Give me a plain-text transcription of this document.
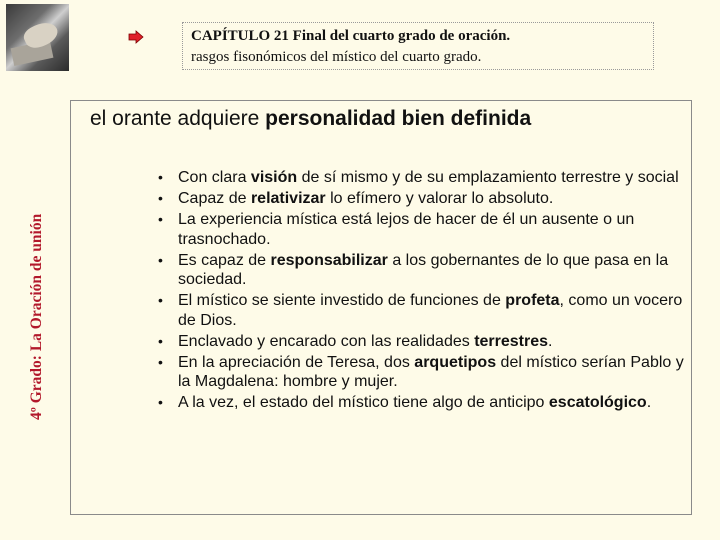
CAPÍTULO 21 Final del cuarto grado de oración.
rasgos fisonómicos del místico del cuarto grado.
4º Grado: La Oración de unión
el orante adquiere personalidad bien definida
• Con clara visión de sí mismo y de su emplazamiento terrestre y social
• Capaz de relativizar lo efímero y valorar lo absoluto.
• La experiencia mística está lejos de hacer de él un ausente o un trasnochado.
• Es capaz de responsabilizar a los gobernantes de lo que pasa en la sociedad.
• El místico se siente investido de funciones de profeta, como un vocero de Dios.
• Enclavado y encarado con las realidades terrestres.
• En la apreciación de Teresa, dos arquetipos del místico serían Pablo y la Magdalena: hombre y mujer.
• A la vez, el estado del místico tiene algo de anticipo escatológico.
